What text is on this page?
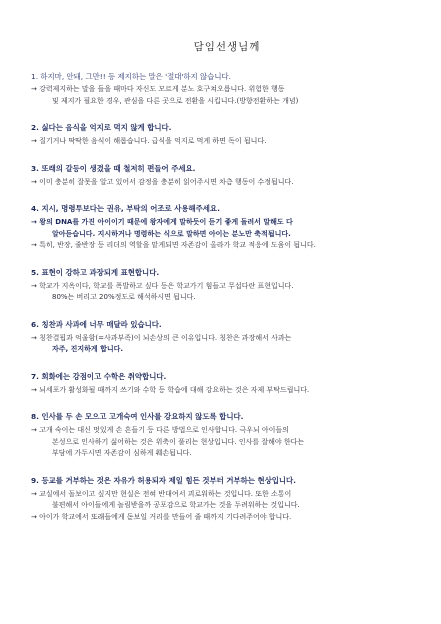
담임선생님께
1. 하지마, 안돼, 그만!! 등 제지하는 말은 '절대'하지 않습니다.
→ 강력제지하는 말을 들을 때마다 자신도 모르게 분노 호구쳐오릅니다. 위험한 행동
및 제지가 필요한 경우, 관심을 다른 곳으로 전환을 시킵니다.(방향전환하는 개념)
2. 싫다는 음식을 억지로 먹지 않게 합니다.
→ 질기거나 딱딱한 음식이 해롭습니다. 급식을 억지로 먹게 하면 독이 됩니다.
3. 또래의 갈등이 생겼을 때 철저히 편들어 주세요.
→ 이미 충분히 잘못을 알고 있어서 감정을 충분히 읽어주시면 차츰 행동이 수정됩니다.
4. 지시, 명령투보다는 권유, 부탁의 어조로 사용해주세요.
→ 왕의 DNA를 가진 아이이기 때문에 왕자에게 말하듯이 듣기 좋게 돌려서 말해도 다
알아듣습니다. 지시하거나 명령하는 식으로 말하면 아이는 분노만 축적됩니다.
→ 특히, 반장, 줄반장 등 리더의 역할을 맡게되면 자존감이 올라가 학교 적응에 도움이 됩니다.
5. 표현이 강하고 과장되게 표현합니다.
→ 학교가 지옥이다, 학교를 폭발하고 싶다 등은 학교가기 힘들고 무섭다란 표현입니다.
80%는 버리고 20%정도로 해석하시면 됩니다.
6. 칭찬과 사과에 너무 매달라 있습니다.
→ 칭찬결핍과 억울함(=사과부족)이 뇌손상의 큰 이유입니다. 칭찬은 과장해서 사과는
자주, 진지하게 합니다.
7. 회화에는 강점이고 수학은 취약합니다.
→ 뇌세포가 활성화될 때까지 쓰기와 수학 등 학습에 대해 강요하는 것은 자제 부탁드립니다.
8. 인사를 두 손 모으고 고개숙여 인사를 강요하지 않도록 합니다.
→ 고개 숙이는 대신 멋있게 손 흔들기 등 다른 방법으로 인사합니다. 극우뇌 아이들의
본성으로 인사하기 싫어하는 것은 위축이 풀리는 현상입니다. 인사를 잘해야 한다는
부담에 가두시면 자존감이 심하게 훼손됩니다.
9. 등교를 거부하는 것은 자유가 허용되자 제일 힘든 것부터 거부하는 현상입니다.
→ 교실에서 돌보이고 싶지만 현실은 전혀 반대여서 괴로워하는 것입니다. 또한 소통이
불편해서 아이들에게 놀림받을까 공포감으로 학교가는 것을 두려워하는 것입니다.
→ 아이가 학교에서 또래들에게 돋보일 거리를 만들어 줄 때까지 기다려주어야 합니다.
